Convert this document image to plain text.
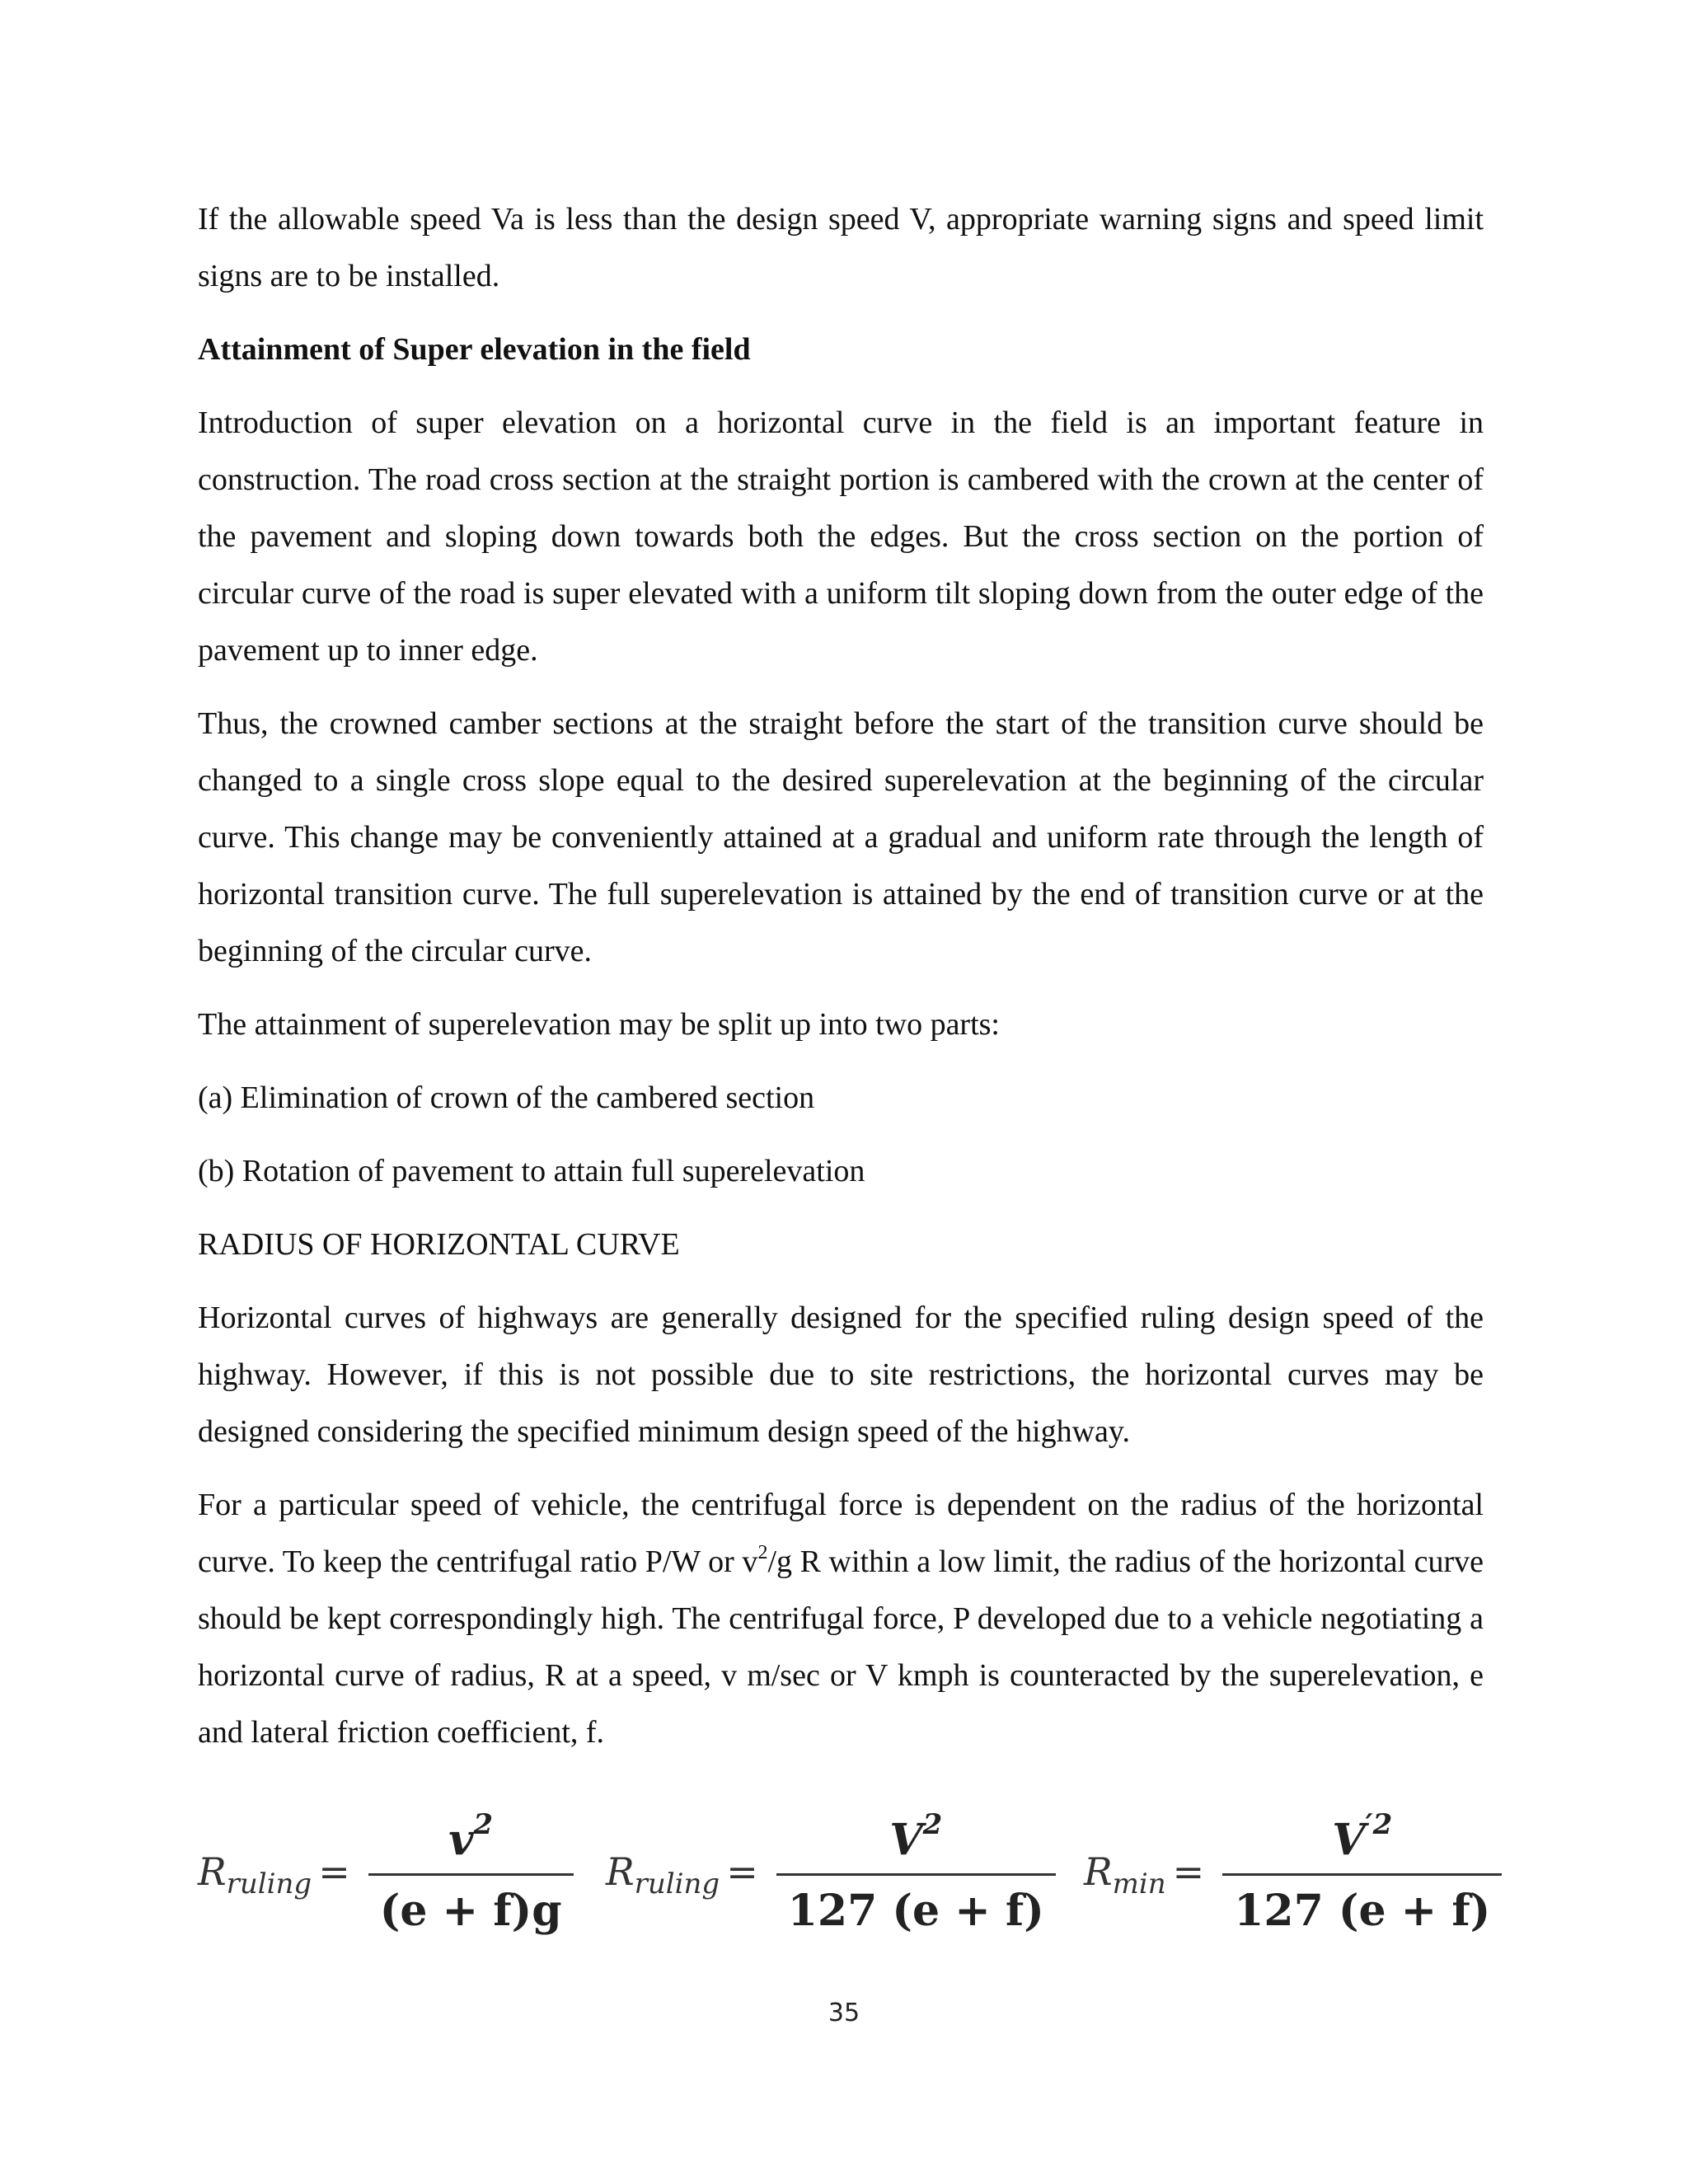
If the allowable speed Va is less than the design speed V, appropriate warning signs and speed limit signs are to be installed.

Attainment of Super elevation in the field

Introduction of super elevation on a horizontal curve in the field is an important feature in construction. The road cross section at the straight portion is cambered with the crown at the center of the pavement and sloping down towards both the edges. But the cross section on the portion of circular curve of the road is super elevated with a uniform tilt sloping down from the outer edge of the pavement up to inner edge.

Thus, the crowned camber sections at the straight before the start of the transition curve should be changed to a single cross slope equal to the desired superelevation at the beginning of the circular curve. This change may be conveniently attained at a gradual and uniform rate through the length of horizontal transition curve. The full superelevation is attained by the end of transition curve or at the beginning of the circular curve.

The attainment of superelevation may be split up into two parts:

(a) Elimination of crown of the cambered section

(b) Rotation of pavement to attain full superelevation

RADIUS OF HORIZONTAL CURVE

Horizontal curves of highways are generally designed for the specified ruling design speed of the highway. However, if this is not possible due to site restrictions, the horizontal curves may be designed considering the specified minimum design speed of the highway.

For a particular speed of vehicle, the centrifugal force is dependent on the radius of the horizontal curve. To keep the centrifugal ratio P/W or $v^2/g$ R within a low limit, the radius of the horizontal curve should be kept correspondingly high. The centrifugal force, P developed due to a vehicle negotiating a horizontal curve of radius, R at a speed, v m/sec or V kmph is counteracted by the superelevation, e and lateral friction coefficient, f.

$R_{ruling} = \frac{v^2}{(e + f)g} R_{ruling} = \frac{V^2}{127 (e + f)} R_{min} = \frac{V^{'2}}{127 (e + f)}$
35
